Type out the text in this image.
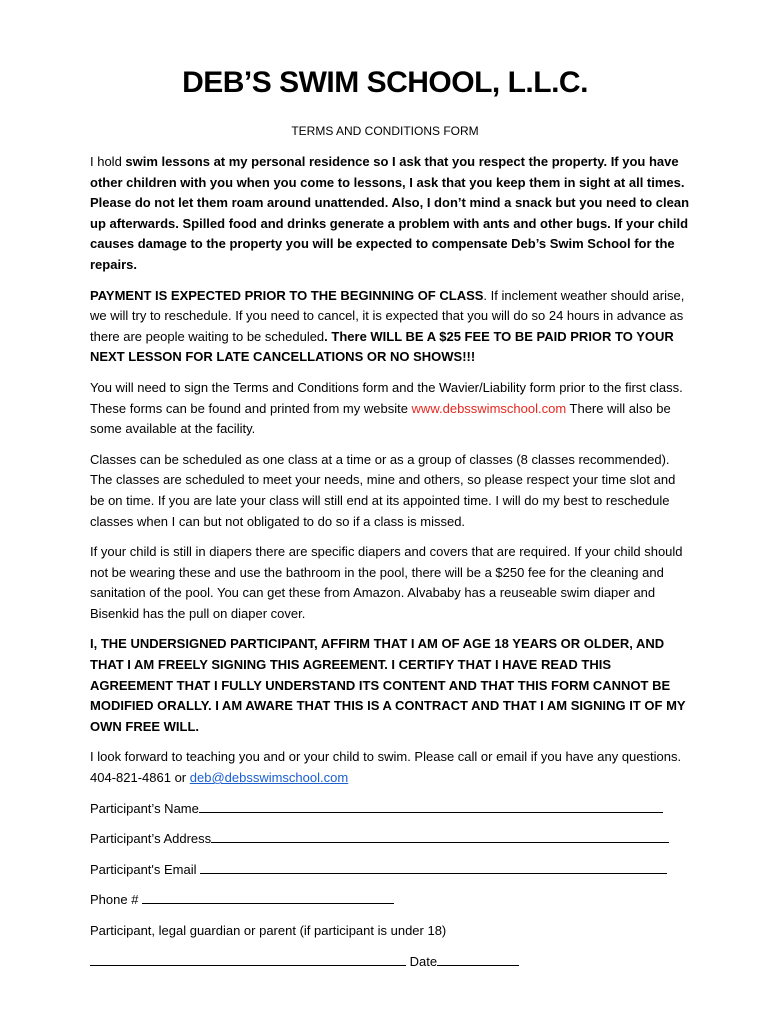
DEB’S SWIM SCHOOL, L.L.C.

TERMS AND CONDITIONS FORM

I hold swim lessons at my personal residence so I ask that you respect the property. If you have other children with you when you come to lessons, I ask that you keep them in sight at all times. Please do not let them roam around unattended. Also, I don’t mind a snack but you need to clean up afterwards. Spilled food and drinks generate a problem with ants and other bugs. If your child causes damage to the property you will be expected to compensate Deb’s Swim School for the repairs.

PAYMENT IS EXPECTED PRIOR TO THE BEGINNING OF CLASS. If inclement weather should arise, we will try to reschedule. If you need to cancel, it is expected that you will do so 24 hours in advance as there are people waiting to be scheduled. There WILL BE A $25 FEE TO BE PAID PRIOR TO YOUR NEXT LESSON FOR LATE CANCELLATIONS OR NO SHOWS!!!

You will need to sign the Terms and Conditions form and the Wavier/Liability form prior to the first class. These forms can be found and printed from my website www.debsswimschool.com There will also be some available at the facility.

Classes can be scheduled as one class at a time or as a group of classes (8 classes recommended). The classes are scheduled to meet your needs, mine and others, so please respect your time slot and be on time. If you are late your class will still end at its appointed time. I will do my best to reschedule classes when I can but not obligated to do so if a class is missed.

If your child is still in diapers there are specific diapers and covers that are required. If your child should not be wearing these and use the bathroom in the pool, there will be a $250 fee for the cleaning and sanitation of the pool. You can get these from Amazon. Alvababy has a reuseable swim diaper and Bisenkid has the pull on diaper cover.

I, THE UNDERSIGNED PARTICIPANT, AFFIRM THAT I AM OF AGE 18 YEARS OR OLDER, AND THAT I AM FREELY SIGNING THIS AGREEMENT. I CERTIFY THAT I HAVE READ THIS AGREEMENT THAT I FULLY UNDERSTAND ITS CONTENT AND THAT THIS FORM CANNOT BE MODIFIED ORALLY. I AM AWARE THAT THIS IS A CONTRACT AND THAT I AM SIGNING IT OF MY OWN FREE WILL.

I look forward to teaching you and or your child to swim. Please call or email if you have any questions. 404-821-4861 or deb@debsswimschool.com

Participant’s Name
Participant’s Address
Participant's Email
Phone #
Participant, legal guardian or parent (if participant is under 18)
Date
